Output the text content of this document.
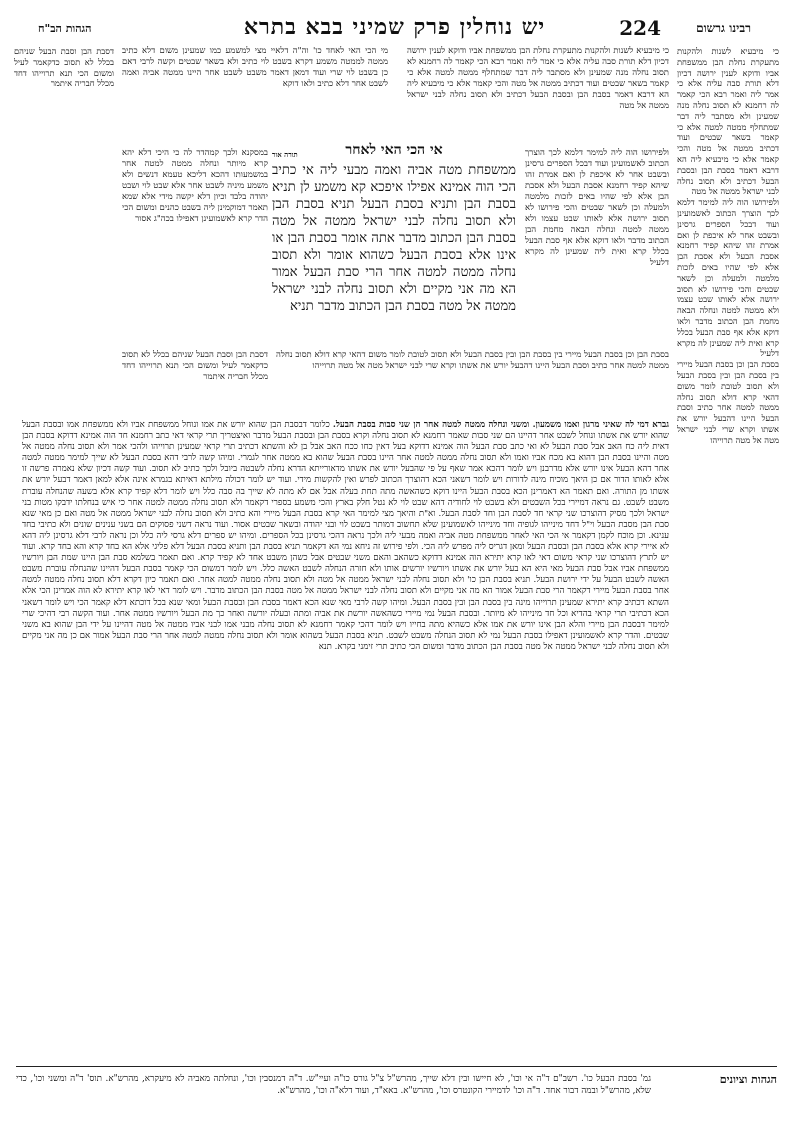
רבינו גרשום
224
יש נוחלין פרק שמיני בבא בתרא
הגהות הב"ח

כי מיבעיא לשנות ולהקנות מתעקרת נחלת הבן ממשפחת אביו ודוקא לענין ירושה דכיון דלא תורת סבה עליה אלא כי אמר ליה ואמר רבא הכי קאמר לה רחמנא לא תסוב נחלה מנה שמעינן ולא מסתבר ליה דבר שמתחלף ממטה למטה אלא כי קאמר בשאר שבטים ועוד דכתיב ממטה אל מטה והכי קאמר אלא כי מיבעיא ליה הא דרבא דאמר בסבת הבן ובסבת הבעל דכתיב ולא תסוב נחלה לבני ישראל ממטה אל מטה

ולפירושו הוה ליה למימר דלמא לכך הוצרך הכתוב לאשמועינן ועוד דבכל הספרים גרסינן ובשבט אחר לא איכפת לן ואם אמרת זהו שיהא קפיד רחמנא אסבת הבעל ולא אסבת הבן אלא לפי שהיו באים לזכות מלמטה ולמעלה וכן לשאר שבטים והכי פירושו לא תסוב ירושה אלא לאותו שבט עצמו ולא ממטה למטה ונחלה הבאה מחמת הבן הכתוב מדבר ולאו דוקא אלא אף סבת הבעל בכלל קרא ואית ליה שמעינן לה מקרא דלעיל

בסבת הבן וכן בסבת הבעל מיירי בין בסבת הבן ובין בסבת הבעל ולא תסוב לטובת לומר משום דהאי קרא דולא תסוב נחלה ממטה למטה אחר כתיב וסבת הבעל היינו דהבעל יורש את אשתו וקרא שרי לבני ישראל מטה אל מטה תרוייהו

דסבת הבן וסבת הבעל שניהם בכלל לא תסוב כדקאמר לעיל ומשום הכי תנא תרוייהו דחד מכלל חבריה איתמר

כי מיבעיא לשנות ולהקנות מתעקרת נחלת הבן ממשפחת אביו ודוקא לענין ירושה דכיון דלא תורת סבה עליה אלא כי אמר ליה ואמר רבא הכי קאמר לה רחמנא לא תסוב נחלה מנה שמעינן ולא מסתבר ליה דבר שמתחלף ממטה למטה אלא כי קאמר בשאר שבטים ועוד דכתיב ממטה אל מטה והכי קאמר אלא כי מיבעיא ליה הא דרבא דאמר בסבת הבן ובסבת הבעל דכתיב ולא תסוב נחלה לבני ישראל ממטה אל מטה

מי הכי האי לאחד כו' וה"ה דלאיי מצי למשמע כמו שמעינן משום דלא כתיב ממטה לממטה משמע דקרא בשבט לוי כתיב ולא בשאר שבטים וקשה לרבי דאם כן בשבט לוי שרי ועוד דמאן דאמר משבט לשבט אחר היינו ממטה אביה ואמה לשבט אחר דלא כתיב ולאו דוקא

ולפירושו הוה ליה למימר דלמא לכך הוצרך הכתוב לאשמועינן ועוד דבכל הספרים גרסינן ובשבט אחר לא איכפת לן ואם אמרת זהו שיהא קפיד רחמנא אסבת הבעל ולא אסבת הבן אלא לפי שהיו באים לזכות מלמטה ולמעלה וכן לשאר שבטים והכי פירושו לא תסוב ירושה אלא לאותו שבט עצמו ולא ממטה למטה ונחלה הבאה מחמת הבן הכתוב מדבר ולאו דוקא אלא אף סבת הבעל בכלל קרא ואית ליה שמעינן לה מקרא דלעיל

במסקנא ולכך קמהדר לה כי היכי דלא יהא קרא מיותר ונחלה ממטה למטה אחר במשמעותו דהכא דליכא טעמא דנשים ולא משמע מיניה לשבט אחר אלא שבט לוי ושבט יהודה בלבד וכיון דלא יקשה מידי אלא שמא תאמר דמוקמינן ליה בשבט כהנים ומשום הכי הדר קרא לאשמועינן דאפילו בכה"ג אסור

תורה אור	אי הכי האי לאחר
ממשפחת מטה אביה ואמה מבעי ליה אי כתיב הכי הוה אמינא אפילו איפכא קא משמע לן תניא בסבת הבן ותניא בסבת הבעל תניא בסבת הבן ולא תסוב נחלה לבני ישראל ממטה אל מטה בסבת הבן הכתוב מדבר אתה אומר בסבת הבן או אינו אלא בסבת הבעל כשהוא אומר ולא תסוב נחלה ממטה למטה אחר הרי סבת הבעל אמור הא מה אני מקיים ולא תסוב נחלה לבני ישראל ממטה אל מטה בסבת הבן הכתוב מדבר תניא

בסבת הבן וכן בסבת הבעל מיירי בין בסבת הבן ובין בסבת הבעל ולא תסוב לטובת לומר משום דהאי קרא דולא תסוב נחלה ממטה למטה אחר כתיב וסבת הבעל היינו דהבעל יורש את אשתו וקרא שרי לבני ישראל מטה אל מטה תרוייהו

דסבת הבן וסבת הבעל שניהם בכלל לא תסוב כדקאמר לעיל ומשום הכי תנא תרוייהו דחד מכלל חבריה איתמר

גברא דמי לה שאיני מרגון ואמו משמעון. ומשני ונחלה ממטה למטה אחר הן שני סבות בסבת הבעל. כלומר דבסבת הבן שהוא יורש את אמו ונוחל ממשפחת אביו ולא ממשפחת אמו ובסבת הבעל שהוא יורש את אשתו ונוחל לשבט אחר דהיינו הם שני סבות שאמר רחמנא לא תסוב נחלה וקרא בסבת הבן ובסבת הבעל מדבר ואיצטריך תרי קראי דאי כתב רחמנא חד הוה אמינא דדוקא בסבת הבן דאית ליה כח האב אבל סבת הבעל לא ואי כתב סבת הבעל הוה אמינא דדוקא בעל דאין כחו ככח האב אבל בן לא והשתא דכתיב תרי קראי שמעינן תרוייהו ולהכי אמר ולא תסוב נחלה ממטה אל מטה והיינו בסבת הבן דהוא בא מכח אביו ואמו ולא תסוב נחלה ממטה למטה אחר היינו בסבת הבעל שהוא בא ממטה אחר לגמרי. ומיהו קשה לרבי דהא בסבת הבעל לא שייך למימר ממטה למטה אחר דהא הבעל אינו יורש אלא מדרבנן ויש לומר דהכא אמר שאף על פי שהבעל יורש את אשתו מדאורייתא הדרא נחלה לשבטה ביובל ולכך כתיב לא תסוב. ועוד קשה דכיון שלא נאמרה פרשה זו אלא לאותו הדור אם כן היאך מוכיח מינה לדורות ויש לומר דשאני הכא דהוצרך הכתוב לפרש ואין להקשות מידי. ועוד יש לומר דכולה מילתא דאיתא בגמרא אינה אלא למאן דאמר דבעל יורש את אשתו מן התורה. ואם תאמר הא דאמרינן הכא בסבת הבעל היינו דוקא כשהאשה מתה תחת בעלה אבל אם לא מתה לא שייך בה סבה כלל ויש לומר דלא קפיד קרא אלא בשעה שהנחלה עוברת משבט לשבט. גם נראה דמיירי בכל השבטים ולא בשבט לוי לחודיה דהא שבט לוי לא נטל חלק בארץ והכי משמע בספרי דקאמר ולא תסוב נחלה ממטה למטה אחר כי איש בנחלתו ידבקו מטות בני ישראל ולכך מסיק דהוצרכו שני קראי חד לסבת הבן וחד לסבת הבעל. וא"ת והיאך מצי למימר האי קרא בסבת הבעל מיירי והא כתיב ולא תסוב נחלה לבני ישראל ממטה אל מטה ואם כן מאי שנא סבת הבן מסבת הבעל וי"ל דחד מינייהו לגופיה וחד מינייהו לאשמועינן שלא תחשוב דמותר בשבט לוי ובני יהודה ובשאר שבטים אסור. ועוד נראה דשני פסוקים הם בשני ענינים שונים ולא כתיבי בחד ענינא. וכן מוכח לקמן דקאמר אי הכי האי לאחר ממשפחת מטה אביה ואמה מבעי ליה ולכך נראה דהכי גרסינן בכל הספרים. ומיהו יש ספרים דלא גרסי ליה כלל וכן נראה לרבי דלא גרסינן ליה דהא לא איירי קרא אלא בסבת הבן ובסבת הבעל ומאן דגריס ליה מפרש ליה הכי. ולפי פירוש זה ניחא נמי הא דקאמר תניא בסבת הבן ותניא בסבת הבעל דלא פליגי אלא הא בחד קרא והא בחד קרא. ועוד יש לתרץ דהוצרכו שני קראי משום דאי לאו קרא יתירא הוה אמינא דדוקא כשהאב והאם משני שבטים אבל כשהן משבט אחד לא קפיד קרא. ואם תאמר בשלמא סבת הבן היינו שמת הבן ויורשיו ממשפחת אביו אבל סבת הבעל מאי היא הא בעל יורש את אשתו ויורשיו יורשים אותו ולא חזרה הנחלה לשבט האשה כלל. ויש לומר דמשום הכי קאמר בסבת הבעל דהיינו שהנחלה עוברת משבט האשה לשבט הבעל על ידי ירושת הבעל. תניא בסבת הבן כו' ולא תסוב נחלה לבני ישראל ממטה אל מטה ולא תסוב נחלה ממטה למטה אחר. ואם תאמר כיון דקרא דלא תסוב נחלה ממטה למטה אחר בסבת הבעל מיירי דקאמר הרי סבת הבעל אמור הא מה אני מקיים ולא תסוב נחלה לבני ישראל ממטה אל מטה בסבת הבן הכתוב מדבר. ויש לומר דאי לאו קרא יתירא לא הוה אמרינן הכי אלא השתא דכתיב קרא יתירא שמעינן תרוייהו מינה בין בסבת הבן ובין בסבת הבעל. ומיהו קשה לרבי מאי שנא הכא דאמר בסבת הבן ובסבת הבעל ומאי שנא בכל דוכתא דלא קאמר הכי ויש לומר דשאני הכא דכתיבי תרי קראי בהדיא וכל חד מינייהו לא מיותר. ובסבת הבעל נמי מיירי כשהאשה יורשת את אביה ומתה ובעלה יורשה ואחר כך מת הבעל ויורשיו ממטה אחר. ועוד הקשה רבי דהיכי שרי למימר דבסבת הבן מיירי והלא הבן אינו יורש את אמו אלא כשהיא מתה בחייו ויש לומר דהכי קאמר רחמנא לא תסוב נחלה מבני אמו לבני אביו ממטה אל מטה דהיינו על ידי הבן שהוא בא משני שבטים. והדר קרא לאשמועינן דאפילו בסבת הבעל נמי לא תסוב הנחלה משבט לשבט. תניא בסבת הבעל בשהוא אומר ולא תסוב נחלה ממטה למטה אחר הרי סבת הבעל אמור אם כן מה אני מקיים ולא תסוב נחלה לבני ישראל ממטה אל מטה בסבת הבן הכתוב מדבר ומשום הכי כתיב תרי זימני בקרא. תנא

הגהות וציונים
גמ' בסבת הבעל כו'. רשב"ם ד"ה אי וכו', לא חיישו ובין דלא שייך, מהרש"ל צ"ל גורס כו"ה ועיי"ש. ד"ה דמנסבין וכו', ונחלתה מאביה לא מיעקרא, מהרש"א. תוס' ד"ה ומשני וכו', כדי שלא, מהרש"ל ובמה דבור אחד. ד"ה וכו' לדמיירי הקונטרס וכו', מהרש"א. באא"ד, ועוד דלא"ה וכו', מהרש"א.
